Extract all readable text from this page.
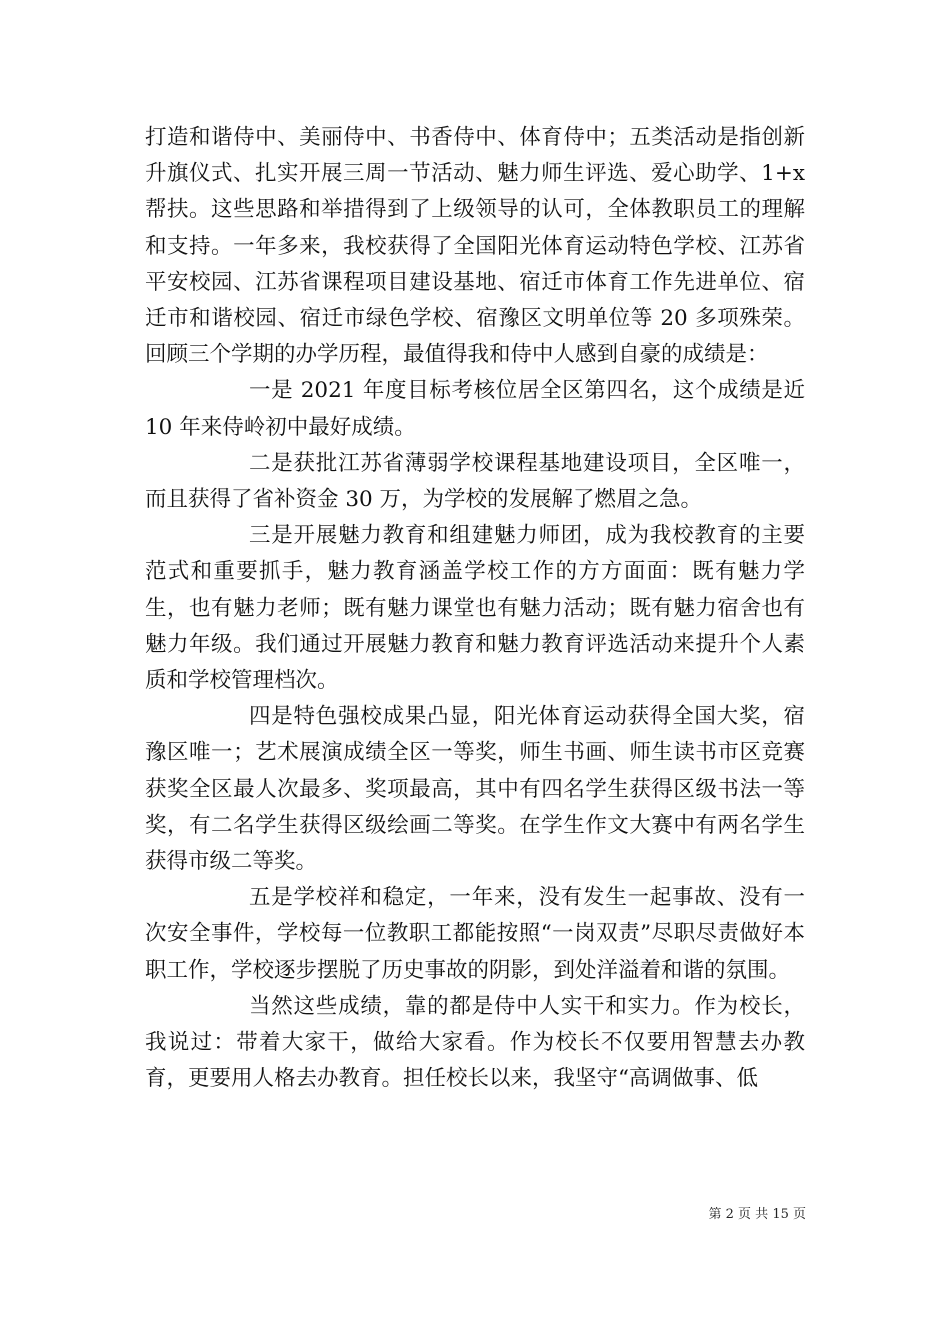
打造和谐侍中、美丽侍中、书香侍中、体育侍中；五类活动是指创新升旗仪式、扎实开展三周一节活动、魅力师生评选、爱心助学、1+x 帮扶。这些思路和举措得到了上级领导的认可，全体教职员工的理解和支持。一年多来，我校获得了全国阳光体育运动特色学校、江苏省平安校园、江苏省课程项目建设基地、宿迁市体育工作先进单位、宿迁市和谐校园、宿迁市绿色学校、宿豫区文明单位等 20 多项殊荣。回顾三个学期的办学历程，最值得我和侍中人感到自豪的成绩是：

一是 2021 年度目标考核位居全区第四名，这个成绩是近 10 年来侍岭初中最好成绩。

二是获批江苏省薄弱学校课程基地建设项目，全区唯一，而且获得了省补资金 30 万，为学校的发展解了燃眉之急。

三是开展魅力教育和组建魅力师团，成为我校教育的主要范式和重要抓手，魅力教育涵盖学校工作的方方面面：既有魅力学生，也有魅力老师；既有魅力课堂也有魅力活动；既有魅力宿舍也有魅力年级。我们通过开展魅力教育和魅力教育评选活动来提升个人素质和学校管理档次。

四是特色强校成果凸显，阳光体育运动获得全国大奖，宿豫区唯一；艺术展演成绩全区一等奖，师生书画、师生读书市区竞赛获奖全区最人次最多、奖项最高，其中有四名学生获得区级书法一等奖，有二名学生获得区级绘画二等奖。在学生作文大赛中有两名学生获得市级二等奖。

五是学校祥和稳定，一年来，没有发生一起事故、没有一次安全事件，学校每一位教职工都能按照“一岗双责”尽职尽责做好本职工作，学校逐步摆脱了历史事故的阴影，到处洋溢着和谐的氛围。

当然这些成绩，靠的都是侍中人实干和实力。作为校长，我说过：带着大家干，做给大家看。作为校长不仅要用智慧去办教育，更要用人格去办教育。担任校长以来，我坚守“高调做事、低

第 2 页 共 15 页
